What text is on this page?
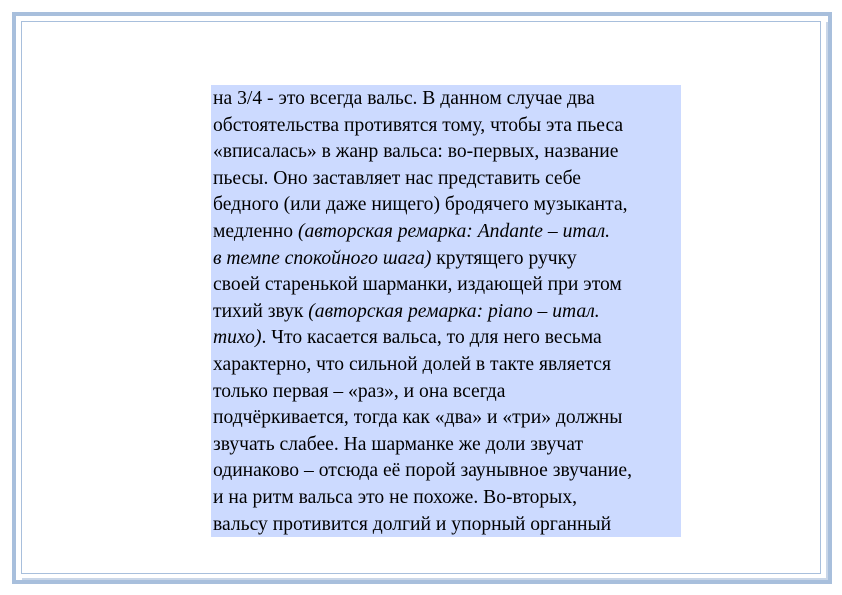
на 3/4 - это всегда вальс. В данном случае два
обстоятельства противятся тому, чтобы эта пьеса
«вписалась» в жанр вальса: во-первых, название
пьесы. Оно заставляет нас представить себе
бедного (или даже нищего) бродячего музыканта,
медленно (авторская ремарка: Andante – итал.
в темпе спокойного шага) крутящего ручку
своей старенькой шарманки, издающей при этом
тихий звук (авторская ремарка: piano – итал.
тихо). Что касается вальса, то для него весьма
характерно, что сильной долей в такте является
только первая – «раз», и она всегда
подчёркивается, тогда как «два» и «три» должны
звучать слабее. На шарманке же доли звучат
одинаково – отсюда её порой заунывное звучание,
и на ритм вальса это не похоже. Во-вторых,
вальсу противится долгий и упорный органный
